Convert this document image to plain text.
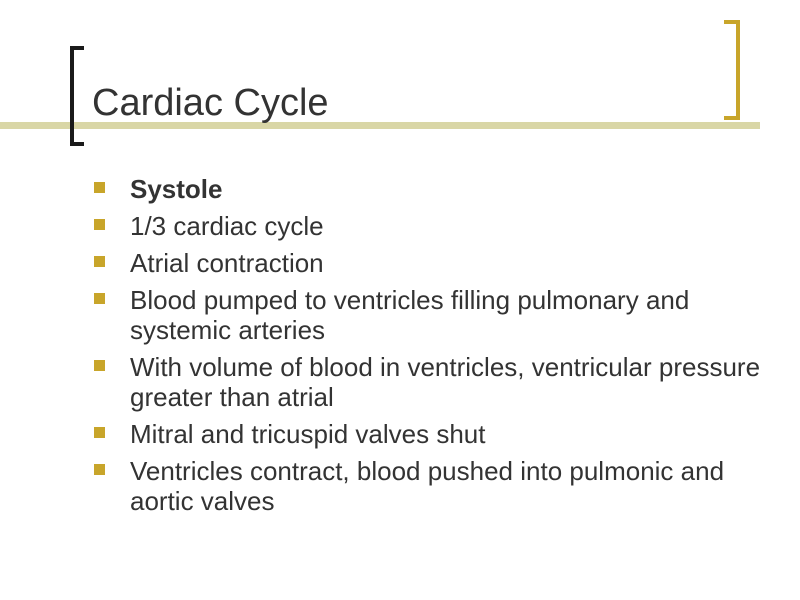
Cardiac Cycle
Systole
1/3 cardiac cycle
Atrial contraction
Blood pumped to ventricles filling pulmonary and systemic arteries
With volume of blood in ventricles, ventricular pressure greater than atrial
Mitral and tricuspid valves shut
Ventricles contract, blood pushed into pulmonic and aortic valves
